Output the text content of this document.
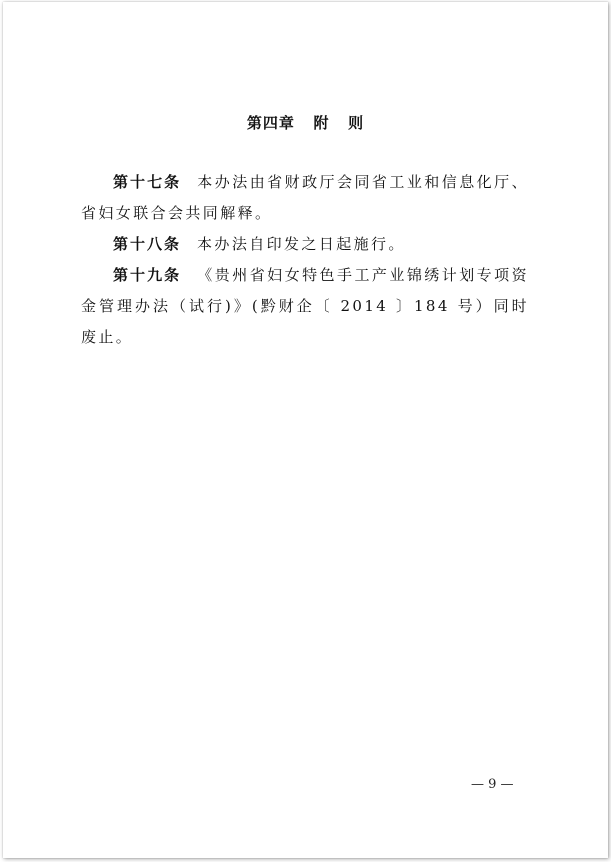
第四章   附   则
第十七条 本办法由省财政厅会同省工业和信息化厅、省妇女联合会共同解释。
第十八条 本办法自印发之日起施行。
第十九条 《贵州省妇女特色手工产业锦绣计划专项资金管理办法（试行)》(黔财企〔 2014 〕184 号）同时废止。
— 9 —
